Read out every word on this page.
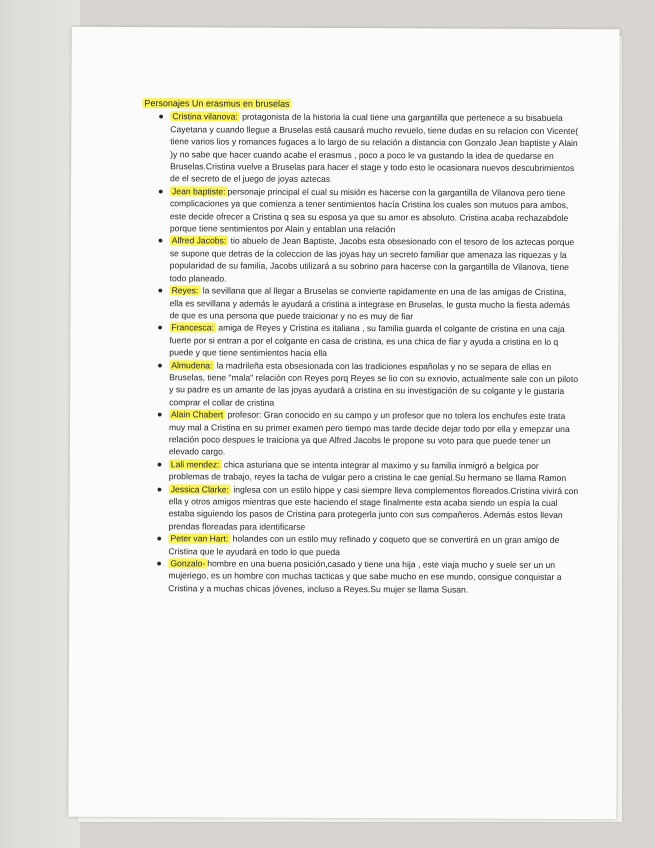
Personajes Un erasmus en bruselas
● Cristina vilanova: protagonista de la historia la cual tiene una gargantilla que pertenece a su bisabuela Cayetana y cuando llegue a Bruselas está causará mucho revuelo, tiene dudas en su relacion con Vicente( tiene varios lios y romances fugaces a lo largo de su relación a distancia con Gonzalo Jean baptiste y Alain )y no sabe que hacer cuando acabe el erasmus , poco a poco le va gustando la idea de quedarse en Bruselas.Cristina vuelve a Bruselas para hacer el stage y todo esto le ocasionara nuevos descubrimientos de el secreto de el juego de joyas aztecas
● Jean baptiste: personaje principal el cual su misión es hacerse con la gargantilla de Vilanova pero tiene complicaciones ya que comienza a tener sentimientos hacía Cristina los cuales son mutuos para ambos, este decide ofrecer a Cristina q sea su esposa ya que su amor es absoluto. Cristina acaba rechazabdole porque tiene sentimientos por Alain y entablan una relación
● Alfred Jacobs: tio abuelo de Jean Baptiste, Jacobs esta obsesionado con el tesoro de los aztecas porque se supone que detras de la coleccion de las joyas hay un secreto familiar que amenaza las riquezas y la popularidad de su familia, Jacobs utilizará a su sobrino para hacerse con la gargantilla de Vilanova, tiene todo planeado.
● Reyes: la sevillana que al llegar a Bruselas se convierte rapidamente en una de las amigas de Cristina, ella es sevillana y además le ayudará a cristina a integrase en Bruselas, le gusta mucho la fiesta además de que es una persona que puede traicionar y no es muy de fiar
● Francesca: amiga de Reyes y Cristina es italiana , su familia guarda el colgante de cristina en una caja fuerte por si entran a por el colgante en casa de cristina, es una chica de fiar y ayuda a cristina en lo q puede y que tiene sentimientos hacia ella
● Almudena: la madrileña esta obsesionada con las tradiciones españolas y no se separa de ellas en Bruselas, tiene "mala" relación con Reyes porq Reyes se lio con su exnovio, actualmente sale con un piloto y su padre es un amante de las joyas ayudará a cristina en su investigación de su colgante y le gustaria comprar el collar de cristina
● Alain Chabert profesor: Gran conocido en su campo y un profesor que no tolera los enchufes este trata muy mal a Cristina en su primer examen pero tiempo mas tarde decide dejar todo por ella y emepzar una relación poco despues le traiciona ya que Alfred Jacobs le propone su voto para que puede tener un elevado cargo.
● Lali mendez: chica asturiana que se intenta integrar al maximo y su familia inmigró a belgica por problemas de trabajo, reyes la tacha de vulgar pero a cristina le cae genial.Su hermano se llama Ramon
● Jessica Clarke: inglesa con un estilo hippe y casi siempre lleva complementos floreados.Cristina vivirá con ella y otros amigos mientras que este haciendo el stage finalmente esta acaba siendo un espía la cual estaba siguiendo los pasos de Cristina para protegerla junto con sus compañeros. Además estos llevan prendas floreadas para identificarse
● Peter van Hart: holandes con un estilo muy refinado y coqueto que se convertirá en un gran amigo de Cristina que le ayudará en todo lo que pueda
● Gonzalo- hombre en una buena posición,casado y tiene una hija , este viaja mucho y suele ser un un mujeriego, es un hombre con muchas tacticas y que sabe mucho en ese mundo, consigue conquistar a Cristina y a muchas chicas jóvenes, incluso a Reyes.Su mujer se llama Susan.
